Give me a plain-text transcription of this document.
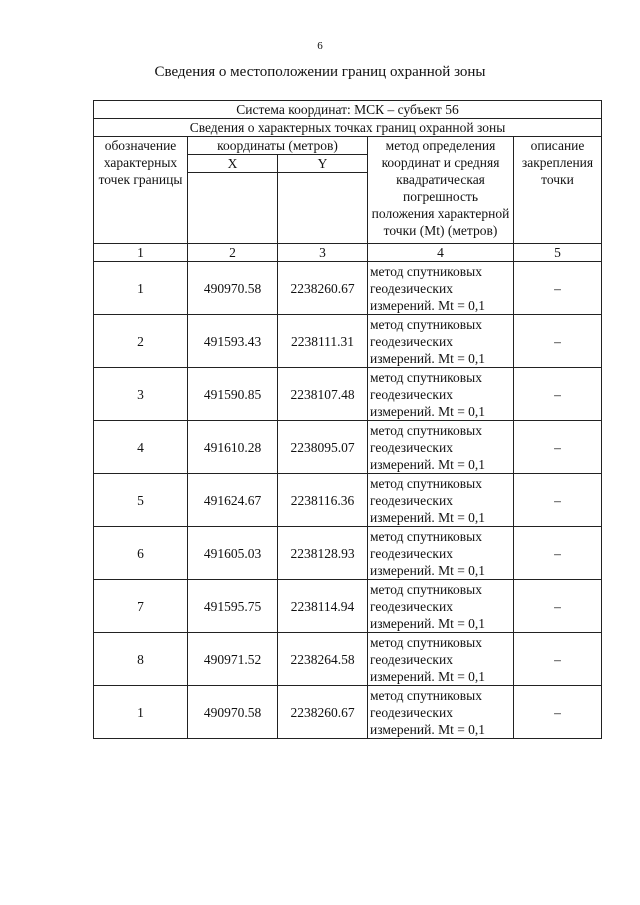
6
Сведения о местоположении границ охранной зоны
Система координат: МСК – субъект 56				
Сведения о характерных точках границ охранной зоны				
обозначение характерных точек границы	координаты (метров)		метод определения координат и средняя квадратическая погрешность положения характерной точки (Mt) (метров)	описание закрепления точки
	X	Y		

1	2	3	4	5
1	490970.58	2238260.67	метод спутниковых
геодезических
измерений. Mt = 0,1	–
2	491593.43	2238111.31	метод спутниковых
геодезических
измерений. Mt = 0,1	–
3	491590.85	2238107.48	метод спутниковых
геодезических
измерений. Mt = 0,1	–
4	491610.28	2238095.07	метод спутниковых
геодезических
измерений. Mt = 0,1	–
5	491624.67	2238116.36	метод спутниковых
геодезических
измерений. Mt = 0,1	–
6	491605.03	2238128.93	метод спутниковых
геодезических
измерений. Mt = 0,1	–
7	491595.75	2238114.94	метод спутниковых
геодезических
измерений. Mt = 0,1	–
8	490971.52	2238264.58	метод спутниковых
геодезических
измерений. Mt = 0,1	–
1	490970.58	2238260.67	метод спутниковых
геодезических
измерений. Mt = 0,1	–
